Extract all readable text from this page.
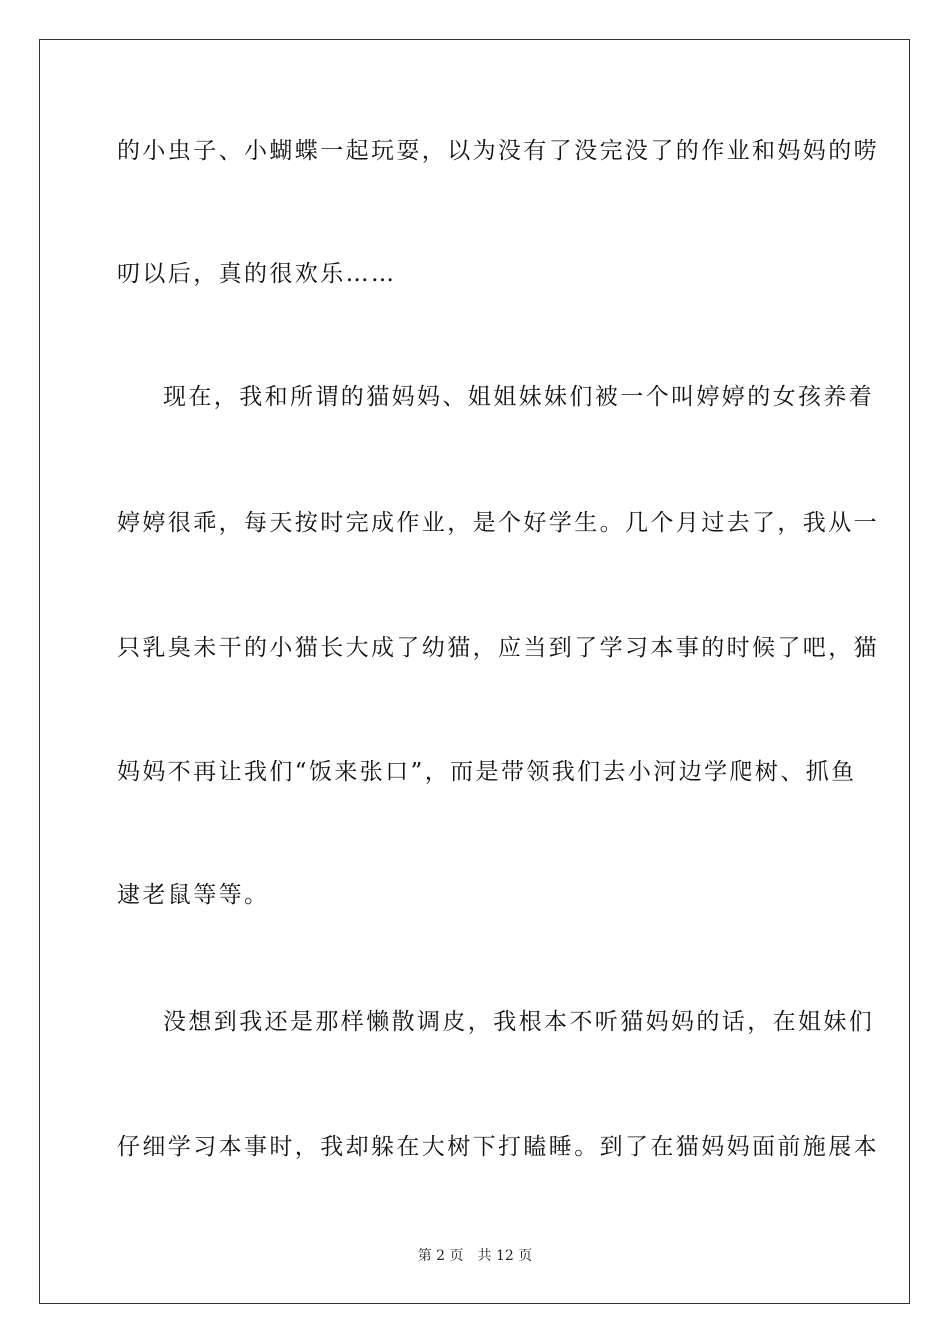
的小虫子、小蝴蝶一起玩耍，以为没有了没完没了的作业和妈妈的唠
叨以后，真的很欢乐……
现在，我和所谓的猫妈妈、姐姐妹妹们被一个叫婷婷的女孩养着
婷婷很乖，每天按时完成作业，是个好学生。几个月过去了，我从一
只乳臭未干的小猫长大成了幼猫，应当到了学习本事的时候了吧，猫
妈妈不再让我们“饭来张口”，而是带领我们去小河边学爬树、抓鱼
逮老鼠等等。
没想到我还是那样懒散调皮，我根本不听猫妈妈的话，在姐妹们
仔细学习本事时，我却躲在大树下打瞌睡。到了在猫妈妈面前施展本
第 2 页 共 12 页
